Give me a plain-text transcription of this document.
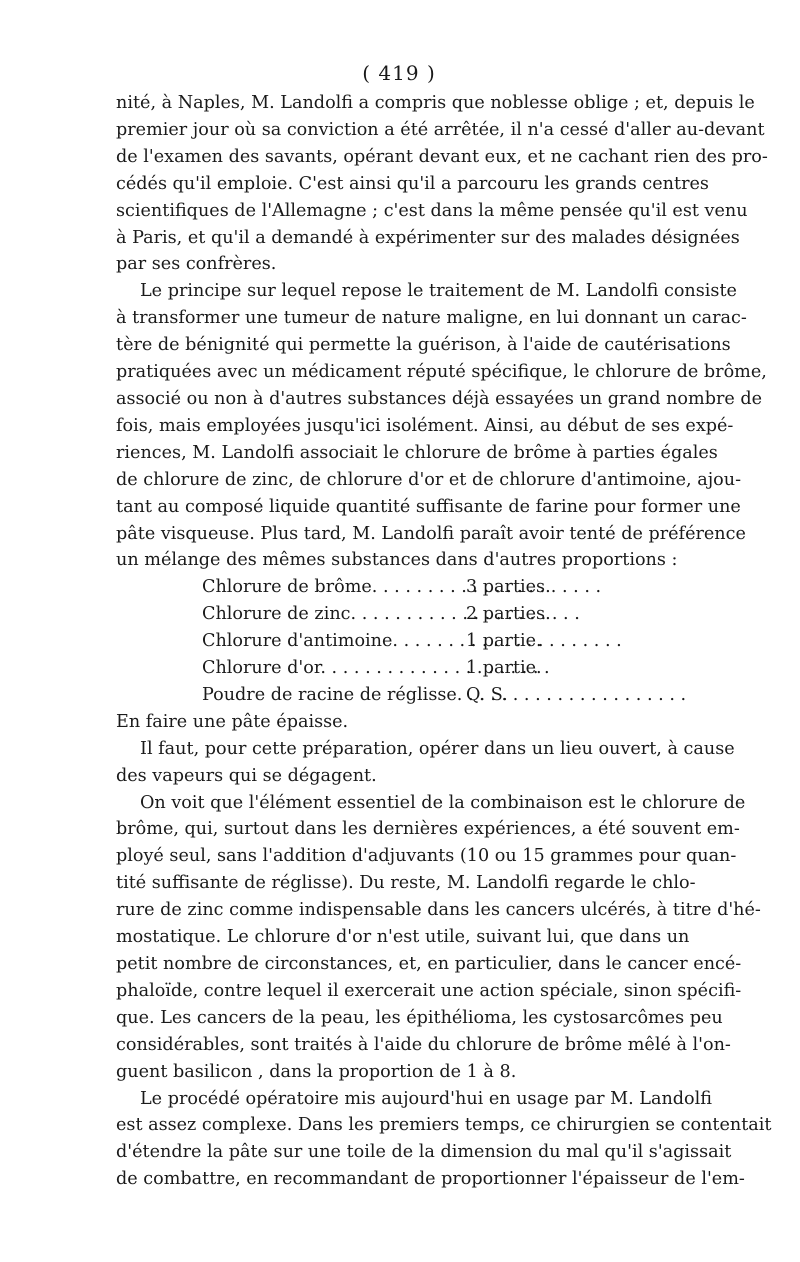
( 419 )
nité, à Naples, M. Landolfi a compris que noblesse oblige ; et, depuis le
premier jour où sa conviction a été arrêtée, il n'a cessé d'aller au-devant
de l'examen des savants, opérant devant eux, et ne cachant rien des pro-
cédés qu'il emploie. C'est ainsi qu'il a parcouru les grands centres
scientifiques de l'Allemagne ; c'est dans la même pensée qu'il est venu
à Paris, et qu'il a demandé à expérimenter sur des malades désignées
par ses confrères.
Le principe sur lequel repose le traitement de M. Landolfi consiste
à transformer une tumeur de nature maligne, en lui donnant un carac-
tère de bénignité qui permette la guérison, à l'aide de cautérisations
pratiquées avec un médicament réputé spécifique, le chlorure de brôme,
associé ou non à d'autres substances déjà essayées un grand nombre de
fois, mais employées jusqu'ici isolément. Ainsi, au début de ses expé-
riences, M. Landolfi associait le chlorure de brôme à parties égales
de chlorure de zinc, de chlorure d'or et de chlorure d'antimoine, ajou-
tant au composé liquide quantité suffisante de farine pour former une
pâte visqueuse. Plus tard, M. Landolfi paraît avoir tenté de préférence
un mélange des mêmes substances dans d'autres proportions :
Chlorure de brôme. . . .	3 parties.
Chlorure de zinc. . . .	2 parties.
Chlorure d'antimoine. . . .	1 partie.
Chlorure d'or. . . .	1 partie.
Poudre de racine de réglisse. . . . Q. S.
En faire une pâte épaisse.
Il faut, pour cette préparation, opérer dans un lieu ouvert, à cause
des vapeurs qui se dégagent.
On voit que l'élément essentiel de la combinaison est le chlorure de
brôme, qui, surtout dans les dernières expériences, a été souvent em-
ployé seul, sans l'addition d'adjuvants (10 ou 15 grammes pour quan-
tité suffisante de réglisse). Du reste, M. Landolfi regarde le chlo-
rure de zinc comme indispensable dans les cancers ulcérés, à titre d'hé-
mostatique. Le chlorure d'or n'est utile, suivant lui, que dans un
petit nombre de circonstances, et, en particulier, dans le cancer encé-
phaloïde, contre lequel il exercerait une action spéciale, sinon spécifi-
que. Les cancers de la peau, les épithélioma, les cystosarcômes peu
considérables, sont traités à l'aide du chlorure de brôme mêlé à l'on-
guent basilicon , dans la proportion de 1 à 8.
Le procédé opératoire mis aujourd'hui en usage par M. Landolfi
est assez complexe. Dans les premiers temps, ce chirurgien se contentait
d'étendre la pâte sur une toile de la dimension du mal qu'il s'agissait
de combattre, en recommandant de proportionner l'épaisseur de l'em-
